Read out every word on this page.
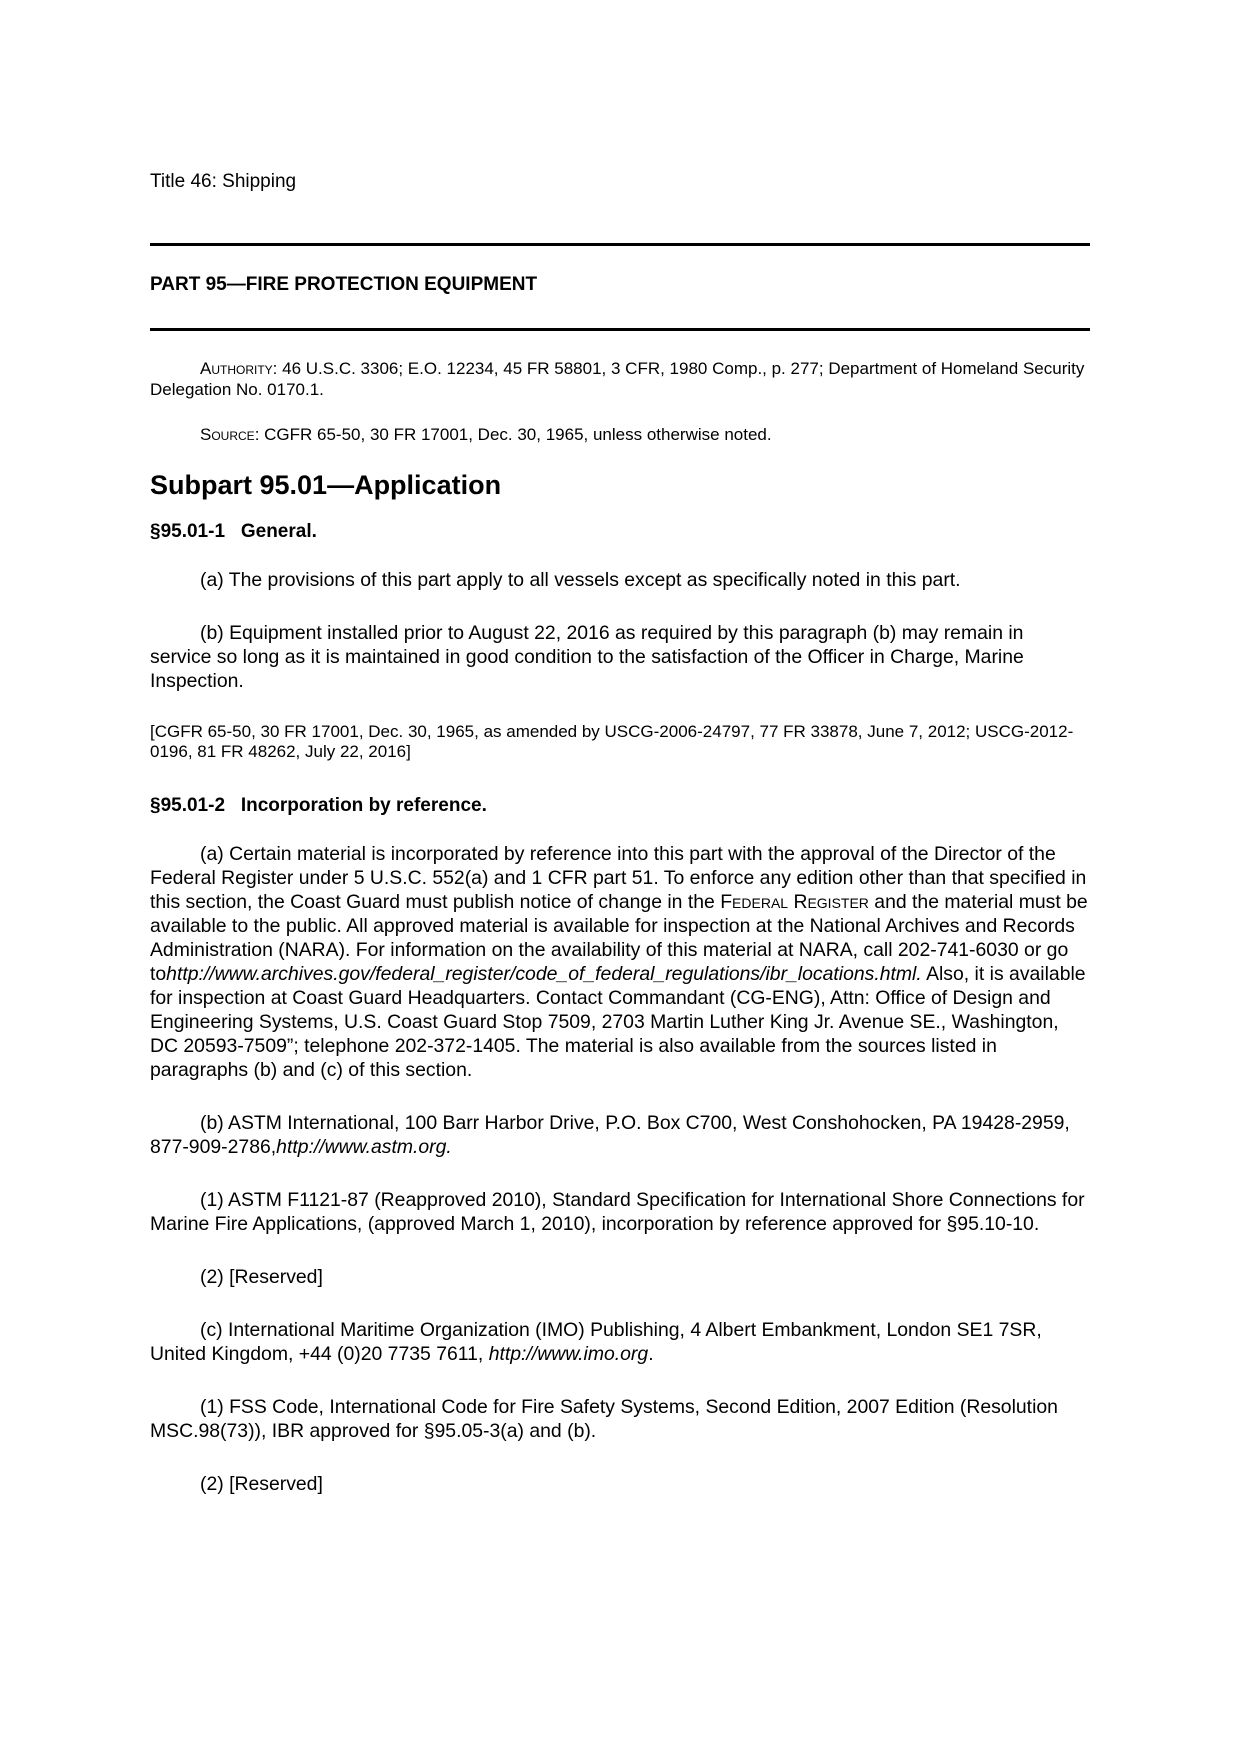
Title 46: Shipping
PART 95—FIRE PROTECTION EQUIPMENT

Authority: 46 U.S.C. 3306; E.O. 12234, 45 FR 58801, 3 CFR, 1980 Comp., p. 277; Department of Homeland Security Delegation No. 0170.1.

Source: CGFR 65-50, 30 FR 17001, Dec. 30, 1965, unless otherwise noted.

Subpart 95.01—Application
§95.01-1   General.

(a) The provisions of this part apply to all vessels except as specifically noted in this part.

(b) Equipment installed prior to August 22, 2016 as required by this paragraph (b) may remain in service so long as it is maintained in good condition to the satisfaction of the Officer in Charge, Marine Inspection.

[CGFR 65-50, 30 FR 17001, Dec. 30, 1965, as amended by USCG-2006-24797, 77 FR 33878, June 7, 2012; USCG-2012-0196, 81 FR 48262, July 22, 2016]

§95.01-2   Incorporation by reference.

(a) Certain material is incorporated by reference into this part with the approval of the Director of the Federal Register under 5 U.S.C. 552(a) and 1 CFR part 51. To enforce any edition other than that specified in this section, the Coast Guard must publish notice of change in the Federal Register and the material must be available to the public. All approved material is available for inspection at the National Archives and Records Administration (NARA). For information on the availability of this material at NARA, call 202-741-6030 or go tohttp://www.archives.gov/federal_register/code_of_federal_regulations/ibr_locations.html. Also, it is available for inspection at Coast Guard Headquarters. Contact Commandant (CG-ENG), Attn: Office of Design and Engineering Systems, U.S. Coast Guard Stop 7509, 2703 Martin Luther King Jr. Avenue SE., Washington, DC 20593-7509”; telephone 202-372-1405. The material is also available from the sources listed in paragraphs (b) and (c) of this section.

(b) ASTM International, 100 Barr Harbor Drive, P.O. Box C700, West Conshohocken, PA 19428-2959, 877-909-2786,http://www.astm.org.

(1) ASTM F1121-87 (Reapproved 2010), Standard Specification for International Shore Connections for Marine Fire Applications, (approved March 1, 2010), incorporation by reference approved for §95.10-10.

(2) [Reserved]

(c) International Maritime Organization (IMO) Publishing, 4 Albert Embankment, London SE1 7SR, United Kingdom, +44 (0)20 7735 7611, http://www.imo.org.

(1) FSS Code, International Code for Fire Safety Systems, Second Edition, 2007 Edition (Resolution MSC.98(73)), IBR approved for §95.05-3(a) and (b).

(2) [Reserved]
